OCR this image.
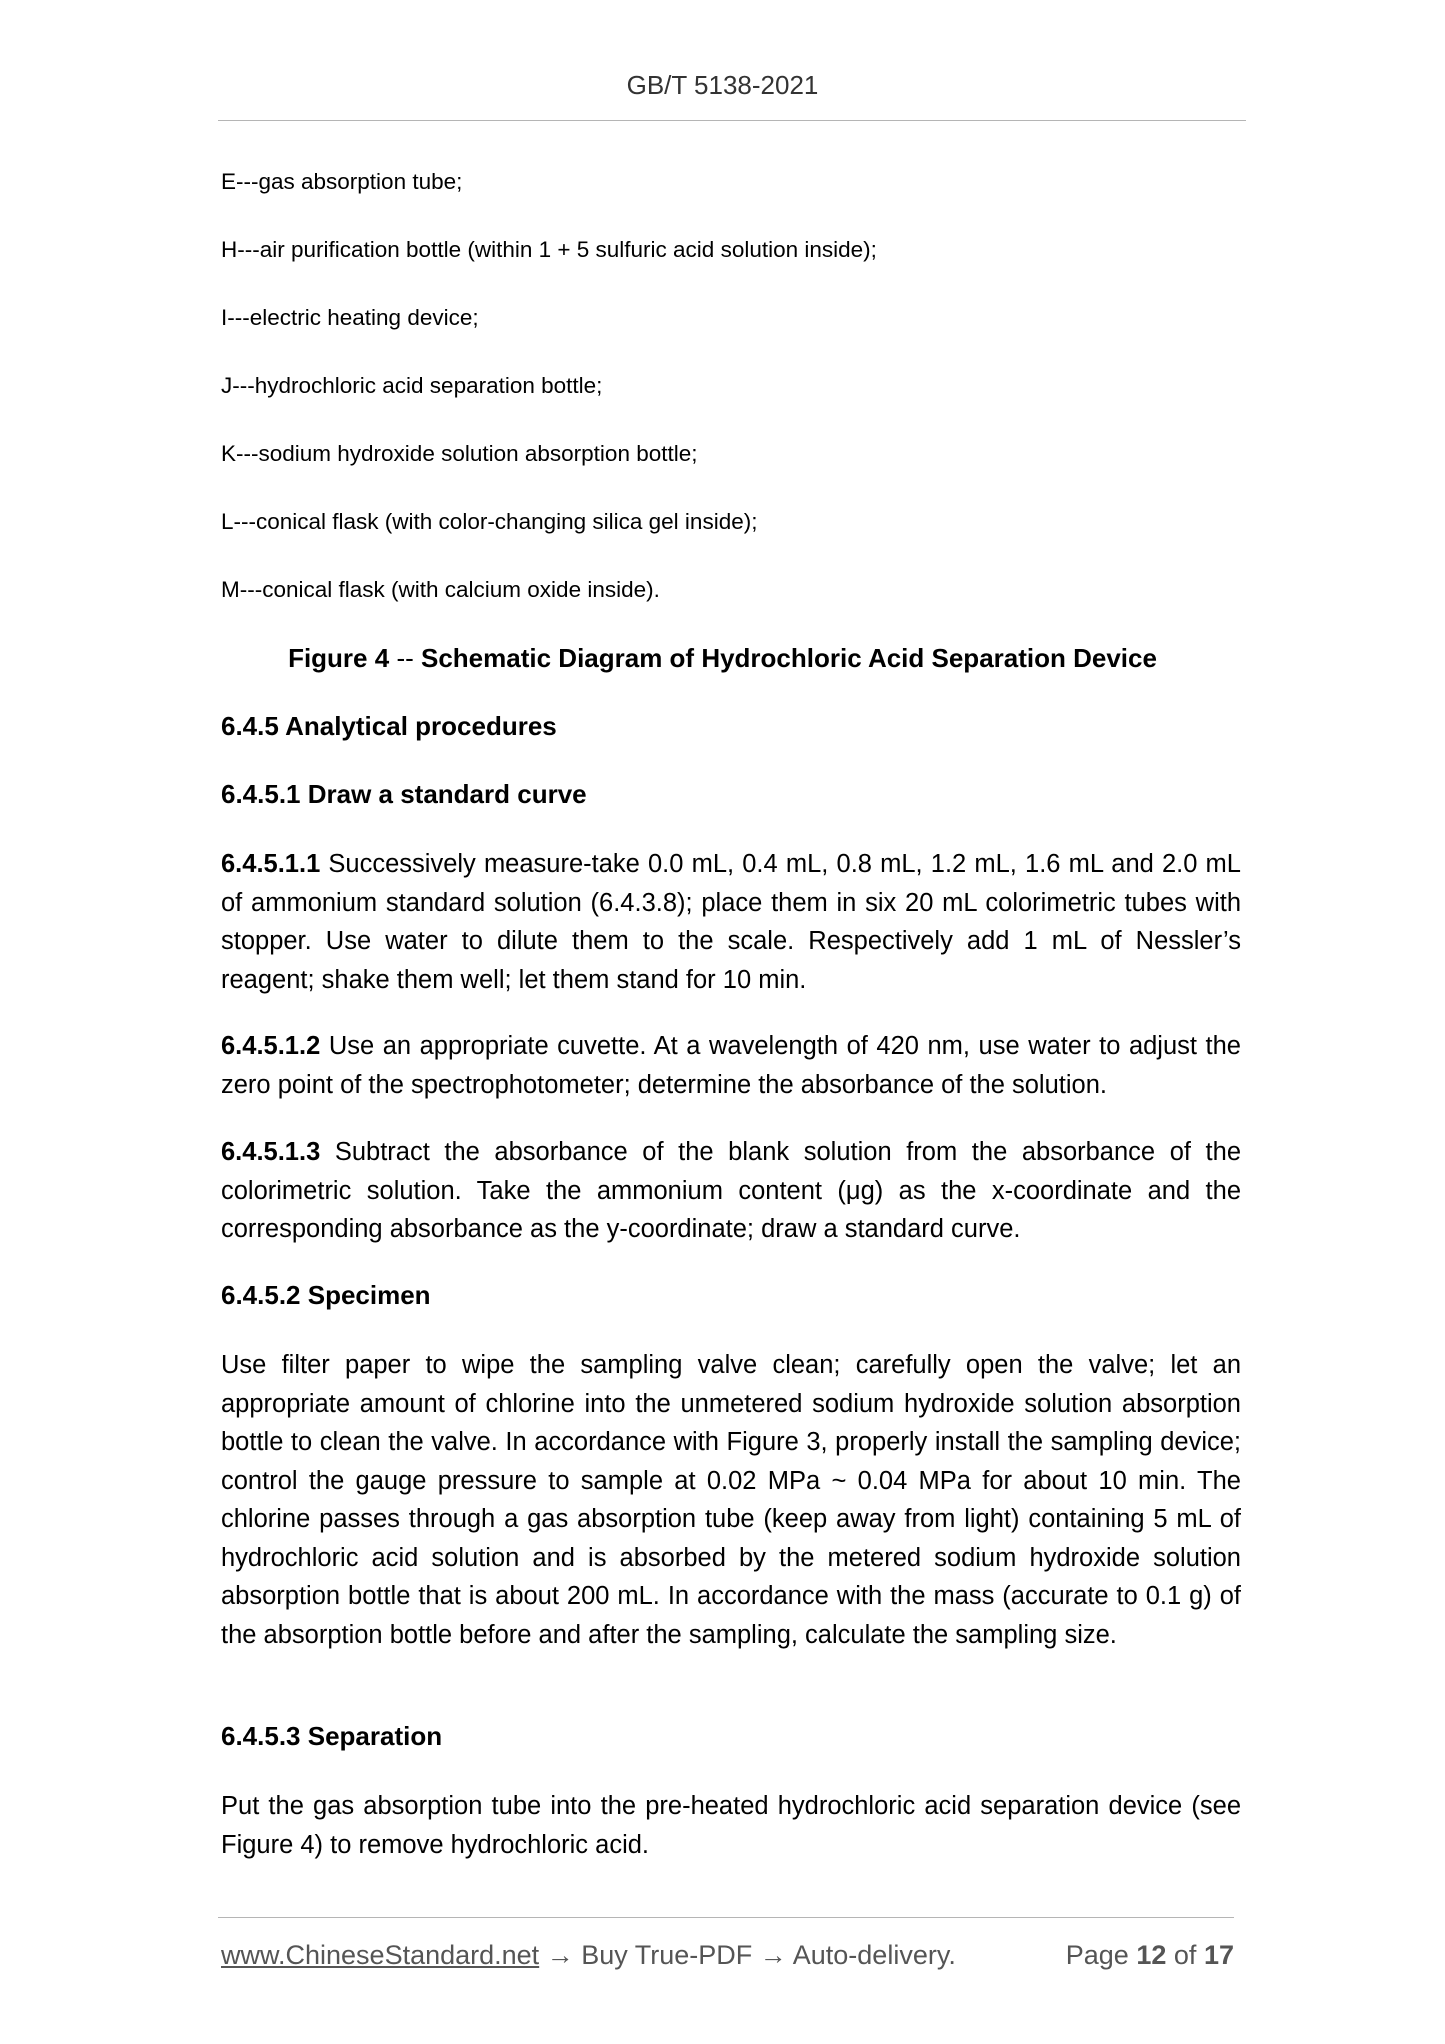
GB/T 5138-2021

E---gas absorption tube;

H---air purification bottle (within 1 + 5 sulfuric acid solution inside);

I---electric heating device;

J---hydrochloric acid separation bottle;

K---sodium hydroxide solution absorption bottle;

L---conical flask (with color-changing silica gel inside);

M---conical flask (with calcium oxide inside).

Figure 4 -- Schematic Diagram of Hydrochloric Acid Separation Device

6.4.5 Analytical procedures

6.4.5.1 Draw a standard curve

6.4.5.1.1 Successively measure-take 0.0 mL, 0.4 mL, 0.8 mL, 1.2 mL, 1.6 mL and 2.0 mL of ammonium standard solution (6.4.3.8); place them in six 20 mL colorimetric tubes with stopper. Use water to dilute them to the scale. Respectively add 1 mL of Nessler’s reagent; shake them well; let them stand for 10 min.

6.4.5.1.2 Use an appropriate cuvette. At a wavelength of 420 nm, use water to adjust the zero point of the spectrophotometer; determine the absorbance of the solution.

6.4.5.1.3 Subtract the absorbance of the blank solution from the absorbance of the colorimetric solution. Take the ammonium content (μg) as the x-coordinate and the corresponding absorbance as the y-coordinate; draw a standard curve.

6.4.5.2 Specimen

Use filter paper to wipe the sampling valve clean; carefully open the valve; let an appropriate amount of chlorine into the unmetered sodium hydroxide solution absorption bottle to clean the valve. In accordance with Figure 3, properly install the sampling device; control the gauge pressure to sample at 0.02 MPa ~ 0.04 MPa for about 10 min. The chlorine passes through a gas absorption tube (keep away from light) containing 5 mL of hydrochloric acid solution and is absorbed by the metered sodium hydroxide solution absorption bottle that is about 200 mL. In accordance with the mass (accurate to 0.1 g) of the absorption bottle before and after the sampling, calculate the sampling size.

6.4.5.3 Separation

Put the gas absorption tube into the pre-heated hydrochloric acid separation device (see Figure 4) to remove hydrochloric acid.

www.ChineseStandard.net → Buy True-PDF → Auto-delivery.	Page 12 of 17
